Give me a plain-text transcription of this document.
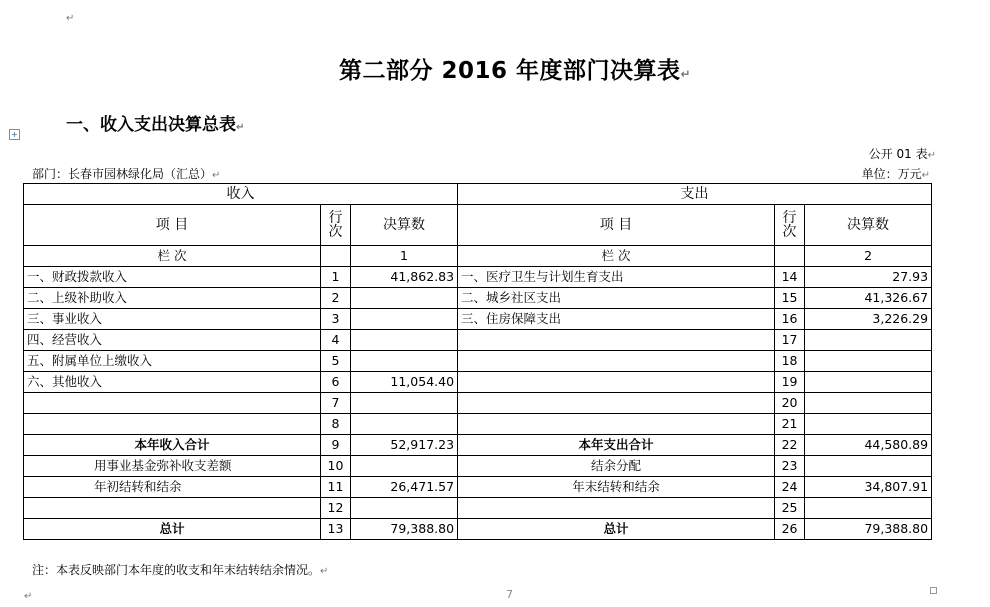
↵
第二部分 2016 年度部门决算表↵
一、收入支出决算总表↵
+
公开 01 表↵
部门：长春市园林绿化局（汇总）↵	单位：万元↵
收入			支出		
项 目	行次	决算数	项 目	行次	决算数
栏 次		1	栏 次		2
一、财政拨款收入	1	41,862.83	一、医疗卫生与计划生育支出	14	27.93
二、上级补助收入	2		二、城乡社区支出	15	41,326.67
三、事业收入	3		三、住房保障支出	16	3,226.29
四、经营收入	4			17	
五、附属单位上缴收入	5			18	
六、其他收入	6	11,054.40		19	
	7			20	
	8			21	
本年收入合计	9	52,917.23	本年支出合计	22	44,580.89
用事业基金弥补收支差额	10		结余分配	23	
年初结转和结余	11	26,471.57	年末结转和结余	24	34,807.91
	12			25	
总计	13	79,388.80	总计	26	79,388.80
注：本表反映部门本年度的收支和年末结转结余情况。↵
↵	7
